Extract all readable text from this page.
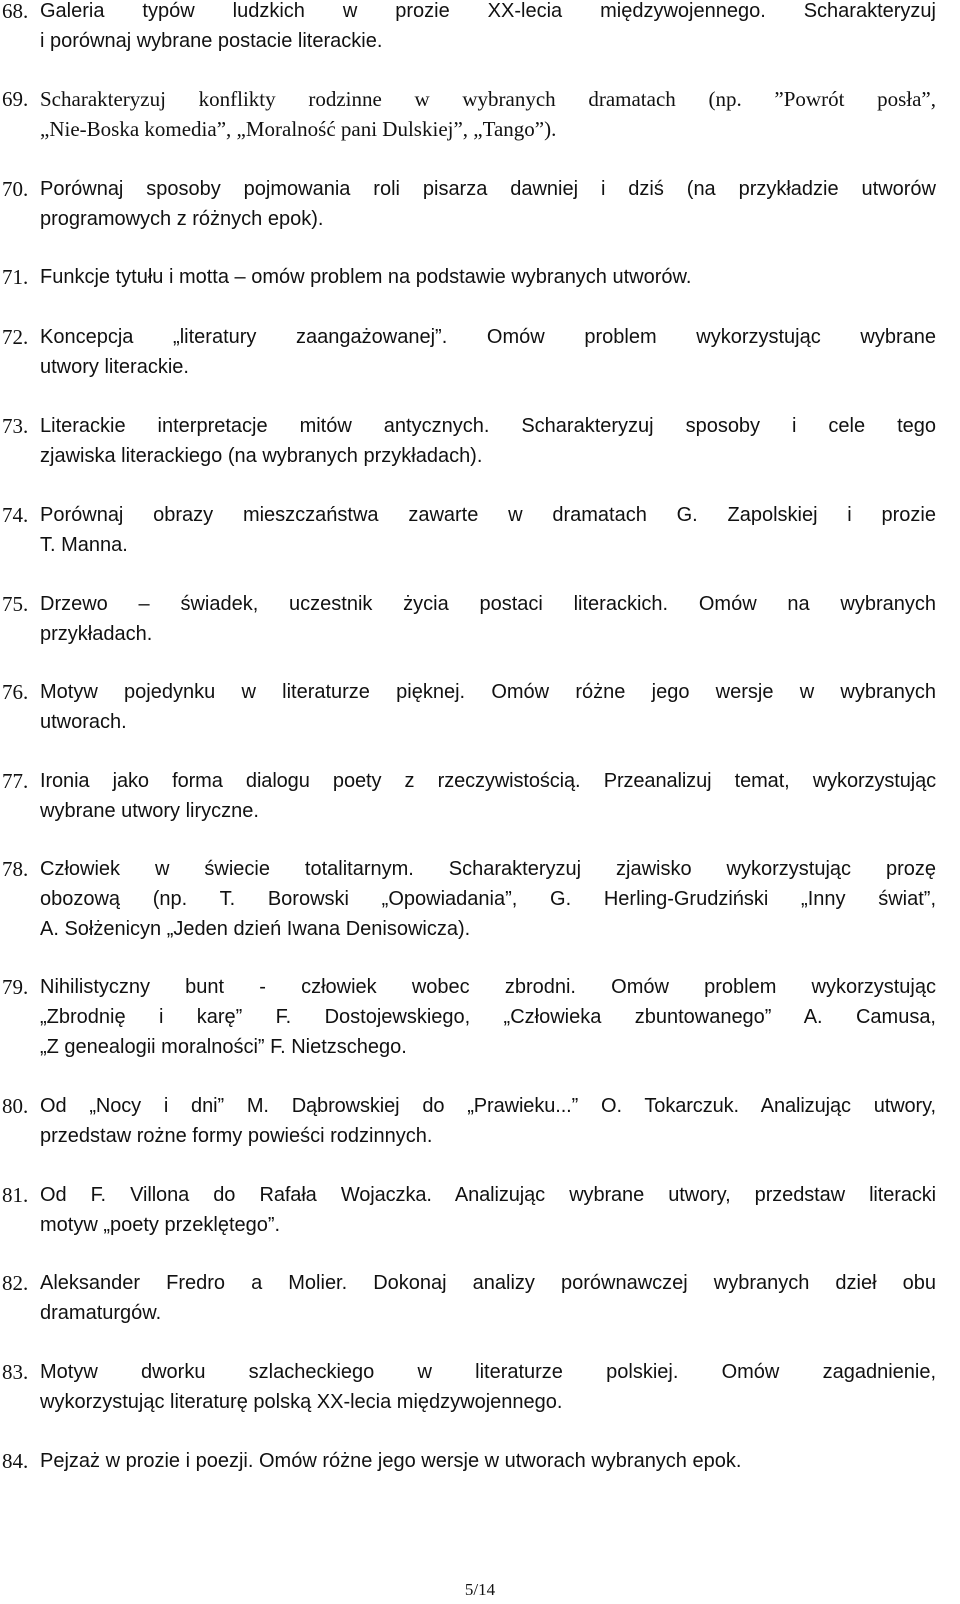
68. Galeria typów ludzkich w prozie XX-lecia międzywojennego. Scharakteryzuj
i porównaj wybrane postacie literackie.
69. Scharakteryzuj konflikty rodzinne w wybranych dramatach (np. ”Powrót posła”,
„Nie-Boska komedia”, „Moralność pani Dulskiej”, „Tango”).
70. Porównaj sposoby pojmowania roli pisarza dawniej i dziś (na przykładzie utworów
programowych z różnych epok).
71. Funkcje tytułu i motta – omów problem na podstawie wybranych utworów.
72. Koncepcja „literatury zaangażowanej”. Omów problem wykorzystując wybrane
utwory literackie.
73. Literackie interpretacje mitów antycznych. Scharakteryzuj sposoby i cele tego
zjawiska literackiego (na wybranych przykładach).
74. Porównaj obrazy mieszczaństwa zawarte w dramatach G. Zapolskiej i prozie
T. Manna.
75. Drzewo – świadek, uczestnik życia postaci literackich. Omów na wybranych
przykładach.
76. Motyw pojedynku w literaturze pięknej. Omów różne jego wersje w wybranych
utworach.
77. Ironia jako forma dialogu poety z rzeczywistością. Przeanalizuj temat, wykorzystując
wybrane utwory liryczne.
78. Człowiek w świecie totalitarnym. Scharakteryzuj zjawisko wykorzystując prozę
obozową (np. T. Borowski „Opowiadania”, G. Herling-Grudziński „Inny świat”,
A. Sołżenicyn „Jeden dzień Iwana Denisowicza).
79. Nihilistyczny bunt - człowiek wobec zbrodni. Omów problem wykorzystując
„Zbrodnię i karę” F. Dostojewskiego, „Człowieka zbuntowanego” A. Camusa,
„Z genealogii moralności” F. Nietzschego.
80. Od „Nocy i dni” M. Dąbrowskiej do „Prawieku...” O. Tokarczuk. Analizując utwory,
przedstaw rożne formy powieści rodzinnych.
81. Od F. Villona do Rafała Wojaczka. Analizując wybrane utwory, przedstaw literacki
motyw „poety przeklętego”.
82. Aleksander Fredro a Molier. Dokonaj analizy porównawczej wybranych dzieł obu
dramaturgów.
83. Motyw dworku szlacheckiego w literaturze polskiej. Omów zagadnienie,
wykorzystując literaturę polską XX-lecia międzywojennego.
84. Pejzaż w prozie i poezji. Omów różne jego wersje w utworach wybranych epok.
5/14
